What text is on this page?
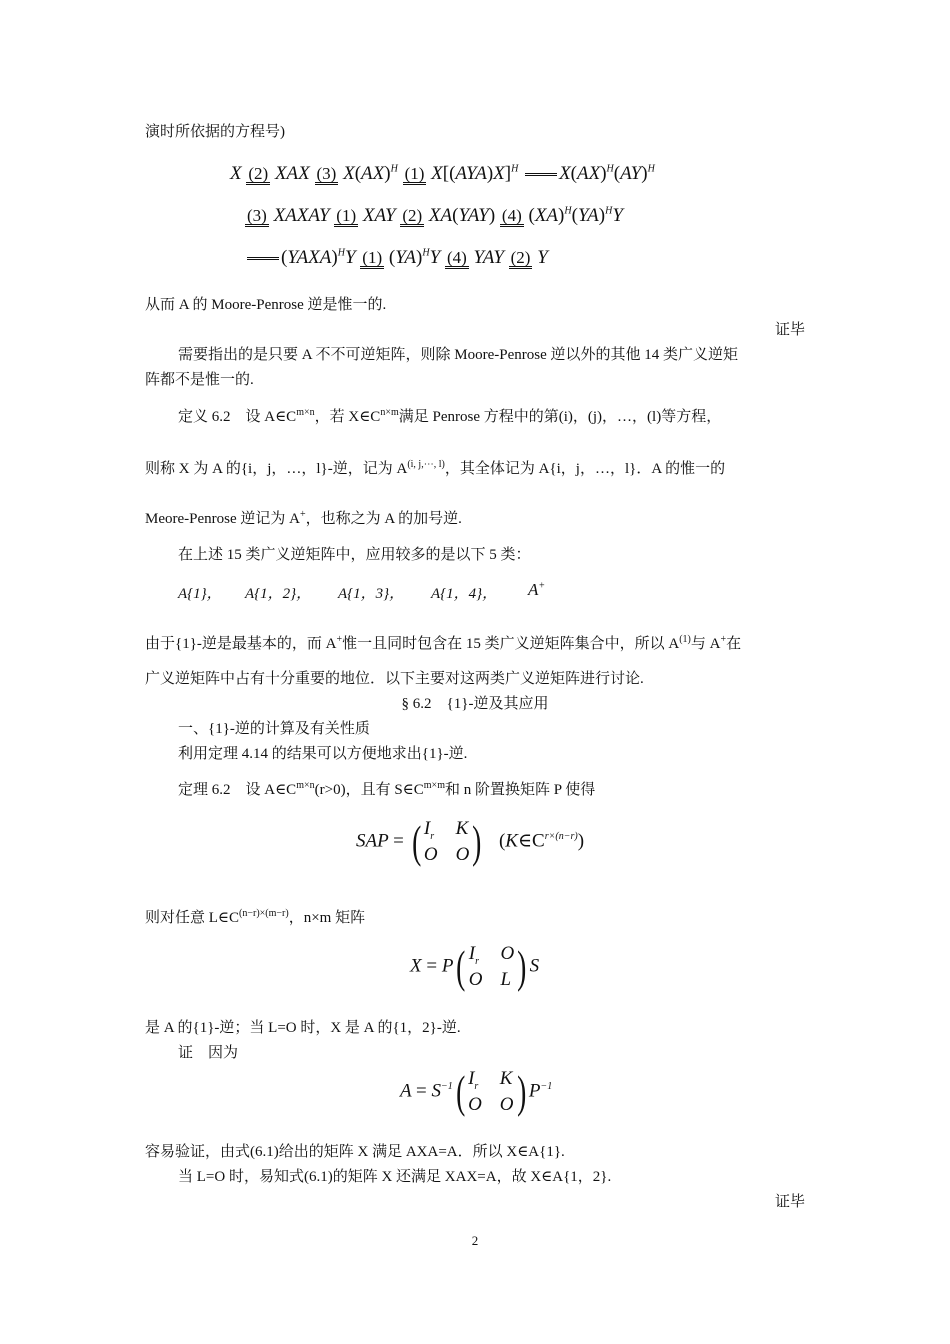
演时所依据的方程号)
X (2) XAX (3) X(AX)$^H$ (1) $X[(AYA)X]^H$ X(AX)$^H$(AY)$^H$
(3) XAXAY (1) XAY (2) XA(YAY) (4) (XA)$^H$(YA)$^H$Y
(YAXA)$^H$Y (1) (YA)$^H$Y (4) YAY (2) Y
从而 A 的 Moore-Penrose 逆是惟一的.
证毕
需要指出的是只要 A 不不可逆矩阵，则除 Moore-Penrose 逆以外的其他 14 类广义逆矩
阵都不是惟一的.
定义 6.2　设 $A\in C^{m\times n}$，若 $X\in C^{n\times m}$满足 Penrose 方程中的第(i)，(j)，…，(l)等方程，
则称 X 为 A 的{i，j，…，l}-逆，记为 $A^{(i, j,\cdots, l)}$，其全体记为 A{i，j，…，l}．A 的惟一的
Meore-Penrose 逆记为 A+，也称之为 A 的加号逆.
在上述 15 类广义逆矩阵中，应用较多的是以下 5 类：
A{1}， A{1，2}， A{1，3}， A{1，4}， A+
由于{1}-逆是最基本的，而 A+惟一且同时包含在 15 类广义逆矩阵集合中，所以 $A^{(1)}$与 A+在
广义逆矩阵中占有十分重要的地位．以下主要对这两类广义逆矩阵进行讨论.
§ 6.2　{1}-逆及其应用
一、{1}-逆的计算及有关性质
利用定理 4.14 的结果可以方便地求出{1}-逆.
定理 6.2　设 $A\in C^{m\times n}(r>0)$，且有 $S\in C^{m\times m}$和 n 阶置换矩阵 P 使得
SAP = ( $I_r$ K
O O ) $(K\in C^{r\times(n-r)})$
则对任意 $L\in C^{(n-r)\times(m-r)}$，n×m 矩阵
X = P ( $I_r$ O
O L ) S
是 A 的{1}-逆；当 L=O 时，X 是 A 的{1，2}-逆.
证　因为
$A = S^{-1}$ ( $I_r$ K
O O ) $P^{-1}$
容易验证，由式(6.1)给出的矩阵 X 满足 AXA=A．所以 X∈A{1}.
当 L=O 时，易知式(6.1)的矩阵 X 还满足 XAX=A，故 X∈A{1，2}.
证毕
2
